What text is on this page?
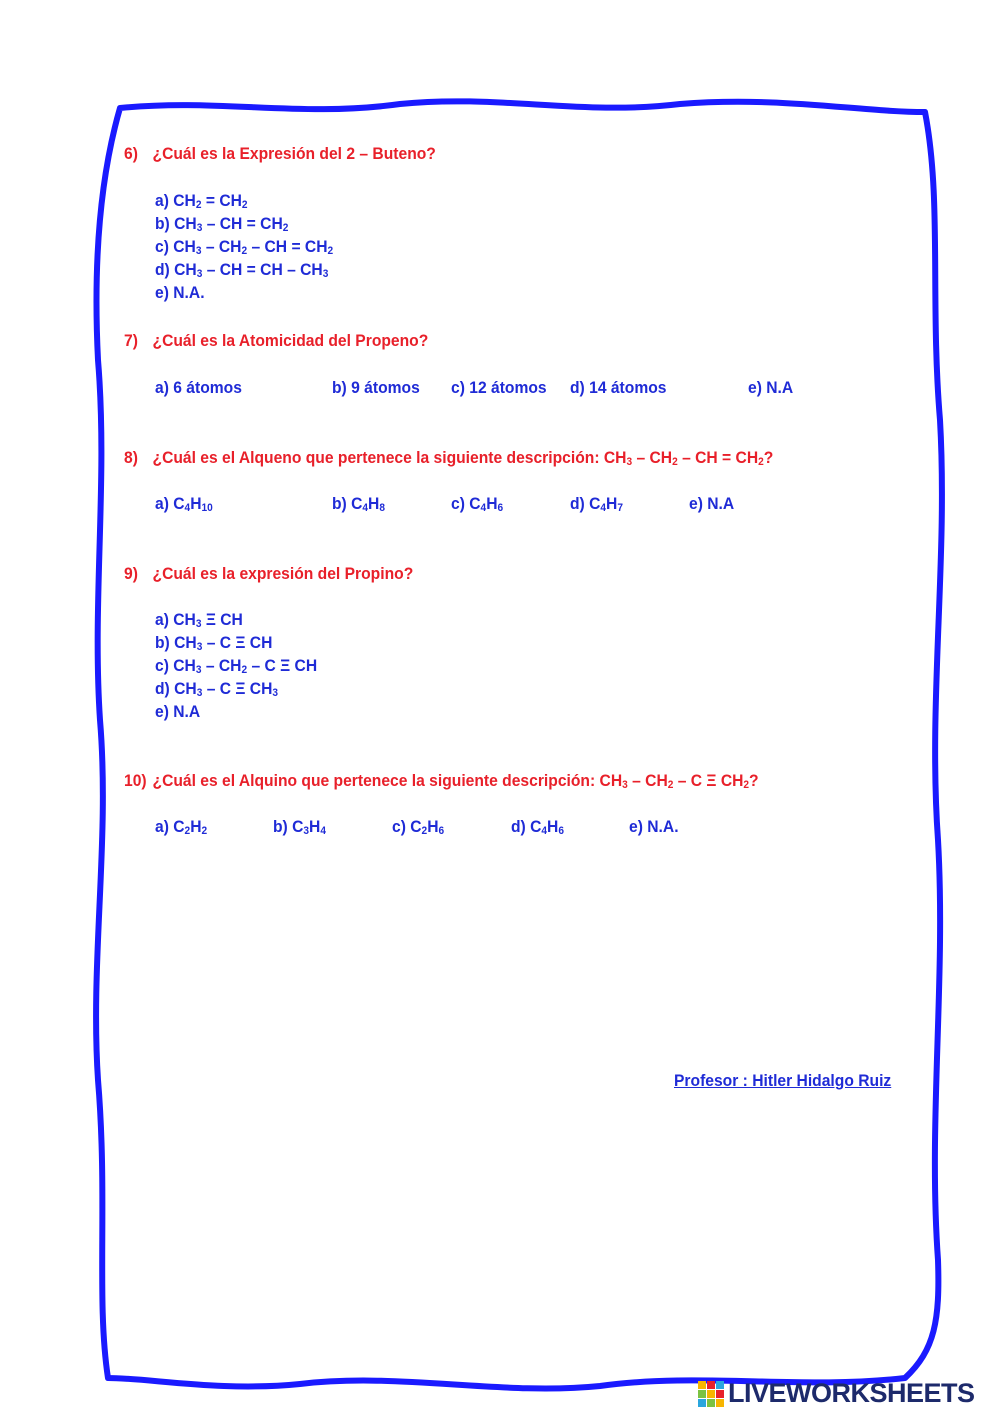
6) ¿Cuál es la Expresión del 2 – Buteno?
a) $CH_2 = CH_2$
b) $CH_3$ – CH = $CH_2$
c) $CH_3 - CH_2$ – CH = $CH_2$
d) $CH_3$ – CH = CH – $CH_3$
e) N.A.
7) ¿Cuál es la Atomicidad del Propeno?
a) 6 átomos	b) 9 átomos c) 12 átomos d) 14 átomos	e) N.A
8) ¿Cuál es el Alqueno que pertenece la siguiente descripción: $CH_3 - CH_2$ – CH = $CH_2$?
a) $C_4H_{10}$	b) $C_4H_8$	c) $C_4H_6$	d) $C_4H_7$	e) N.A
9) ¿Cuál es la expresión del Propino?
a) $CH_3$ Ξ CH
b) $CH_3$ – C Ξ CH
c) $CH_3 - CH_2$ – C Ξ CH
d) $CH_3$ – C Ξ $CH_3$
e) N.A
10) ¿Cuál es el Alquino que pertenece la siguiente descripción: $CH_3 - CH_2$ – C Ξ $CH_2$?
a) $C_2H_2$	b) $C_3H_4$	c) $C_2H_6$	d) $C_4H_6$	e) N.A.
Profesor : Hitler Hidalgo Ruiz
LIVEWORKSHEETS
